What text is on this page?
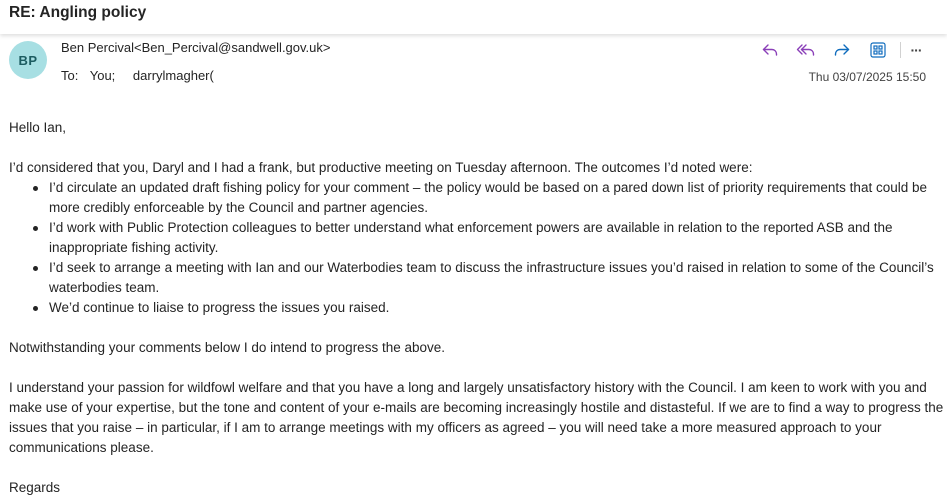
RE: Angling policy
BP
Ben Percival<Ben_Percival@sandwell.gov.uk>
To: You; darrylmagher(
···
Thu 03/07/2025 15:50

Hello Ian,

I’d considered that you, Daryl and I had a frank, but productive meeting on Tuesday afternoon. The outcomes I’d noted were:

I’d circulate an updated draft fishing policy for your comment – the policy would be based on a pared down list of priority requirements that could be more credibly enforceable by the Council and partner agencies.
I’d work with Public Protection colleagues to better understand what enforcement powers are available in relation to the reported ASB and the inappropriate fishing activity.
I’d seek to arrange a meeting with Ian and our Waterbodies team to discuss the infrastructure issues you’d raised in relation to some of the Council’s waterbodies team.
We’d continue to liaise to progress the issues you raised.

Notwithstanding your comments below I do intend to progress the above.

I understand your passion for wildfowl welfare and that you have a long and largely unsatisfactory history with the Council. I am keen to work with you and make use of your expertise, but the tone and content of your e-mails are becoming increasingly hostile and distasteful. If we are to find a way to progress the issues that you raise – in particular, if I am to arrange meetings with my officers as agreed – you will need take a more measured approach to your communications please.

Regards
